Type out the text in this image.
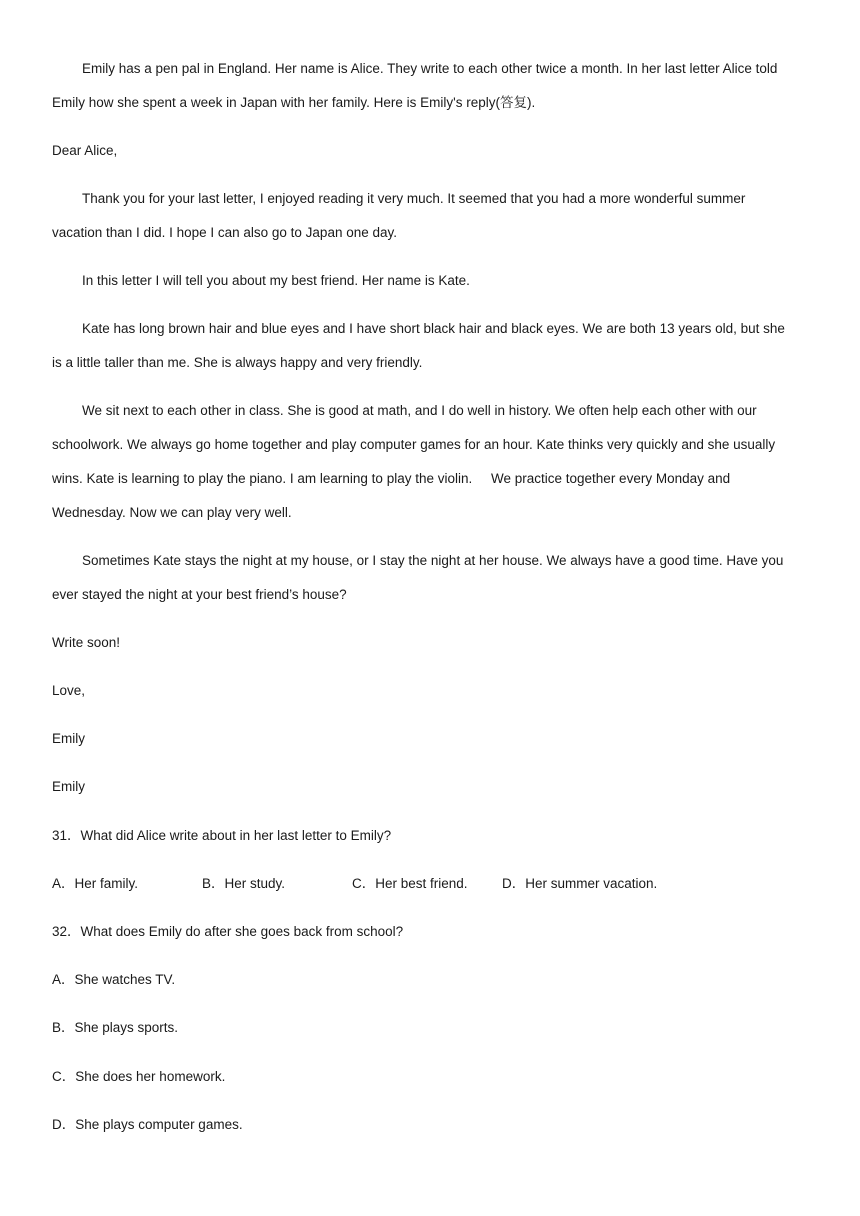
Emily has a pen pal in England. Her name is Alice. They write to each other twice a month. In her last letter Alice told
Emily how she spent a week in Japan with her family. Here is Emily's reply(答复).
Dear Alice,
Thank you for your last letter, I enjoyed reading it very much. It seemed that you had a more wonderful summer
vacation than I did. I hope I can also go to Japan one day.
In this letter I will tell you about my best friend. Her name is Kate.
Kate has long brown hair and blue eyes and I have short black hair and black eyes. We are both 13 years old, but she
is a little taller than me. She is always happy and very friendly.
We sit next to each other in class. She is good at math, and I do well in history. We often help each other with our
schoolwork. We always go home together and play computer games for an hour. Kate thinks very quickly and she usually
wins. Kate is learning to play the piano. I am learning to play the violin.     We practice together every Monday and
Wednesday. Now we can play very well.
Sometimes Kate stays the night at my house, or I stay the night at her house. We always have a good time. Have you
ever stayed the night at your best friend’s house?
Write soon!
Love,
Emily
Emily
31．What did Alice write about in her last letter to Emily?
A．Her family.	B．Her study.	C．Her best friend.	D．Her summer vacation.
32．What does Emily do after she goes back from school?
A．She watches TV.
B．She plays sports.
C．She does her homework.
D．She plays computer games.
